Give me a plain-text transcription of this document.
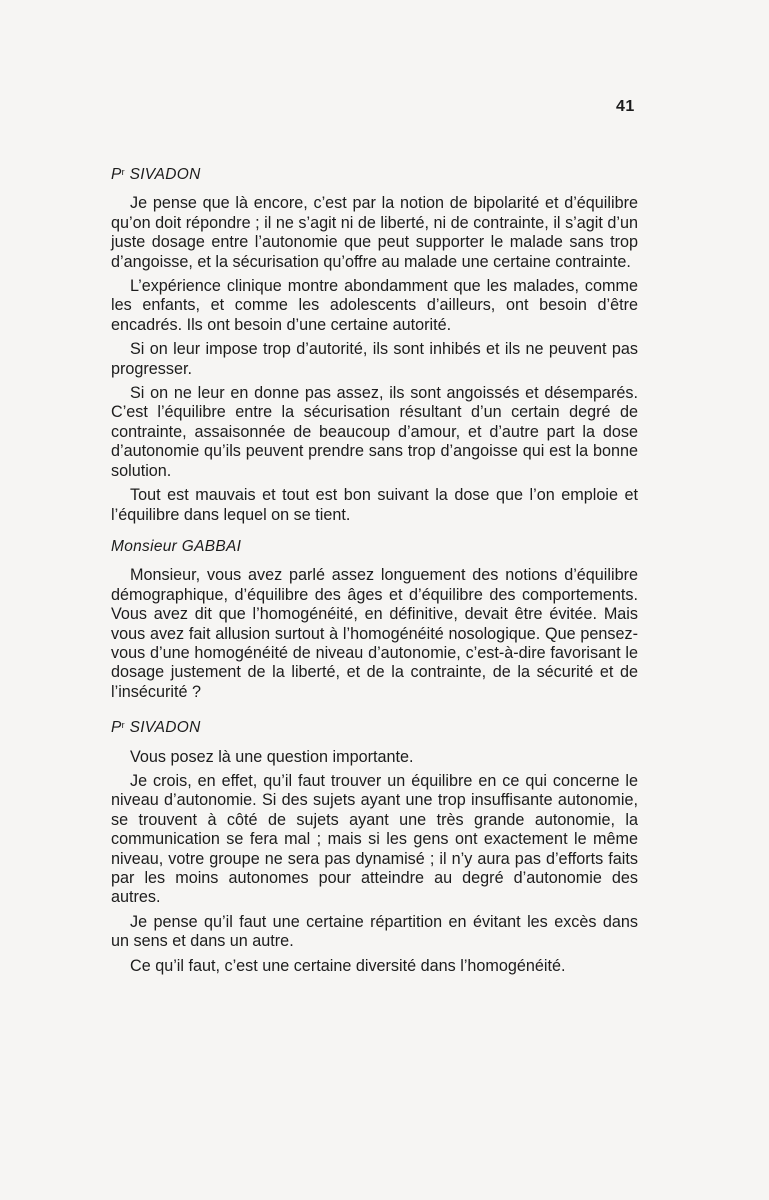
41
$P^r$ SIVADON

Je pense que là encore, c’est par la notion de bipolarité et d’équilibre qu’on doit répondre ; il ne s’agit ni de liberté, ni de contrainte, il s’agit d’un juste dosage entre l’autonomie que peut supporter le malade sans trop d’angoisse, et la sécurisation qu’offre au malade une certaine contrainte.

L’expérience clinique montre abondamment que les malades, comme les enfants, et comme les adolescents d’ailleurs, ont besoin d’être encadrés. Ils ont besoin d’une certaine autorité.

Si on leur impose trop d’autorité, ils sont inhibés et ils ne peuvent pas progresser.

Si on ne leur en donne pas assez, ils sont angoissés et désemparés. C’est l’équilibre entre la sécurisation résultant d’un certain degré de contrainte, assaisonnée de beaucoup d’amour, et d’autre part la dose d’autonomie qu’ils peuvent prendre sans trop d’angoisse qui est la bonne solution.

Tout est mauvais et tout est bon suivant la dose que l’on emploie et l’équilibre dans lequel on se tient.

Monsieur GABBAI

Monsieur, vous avez parlé assez longuement des notions d’équilibre démographique, d’équilibre des âges et d’équilibre des comportements. Vous avez dit que l’homogénéité, en définitive, devait être évitée. Mais vous avez fait allusion surtout à l’homogénéité nosologique. Que pensez-vous d’une homogénéité de niveau d’autonomie, c’est-à-dire favorisant le dosage justement de la liberté, et de la contrainte, de la sécurité et de l’insécurité ?

$P^r$ SIVADON

Vous posez là une question importante.

Je crois, en effet, qu’il faut trouver un équilibre en ce qui concerne le niveau d’autonomie. Si des sujets ayant une trop insuffisante autonomie, se trouvent à côté de sujets ayant une très grande autonomie, la communication se fera mal ; mais si les gens ont exactement le même niveau, votre groupe ne sera pas dynamisé ; il n’y aura pas d’efforts faits par les moins autonomes pour atteindre au degré d’autonomie des autres.

Je pense qu’il faut une certaine répartition en évitant les excès dans un sens et dans un autre.

Ce qu’il faut, c’est une certaine diversité dans l’homogénéité.
